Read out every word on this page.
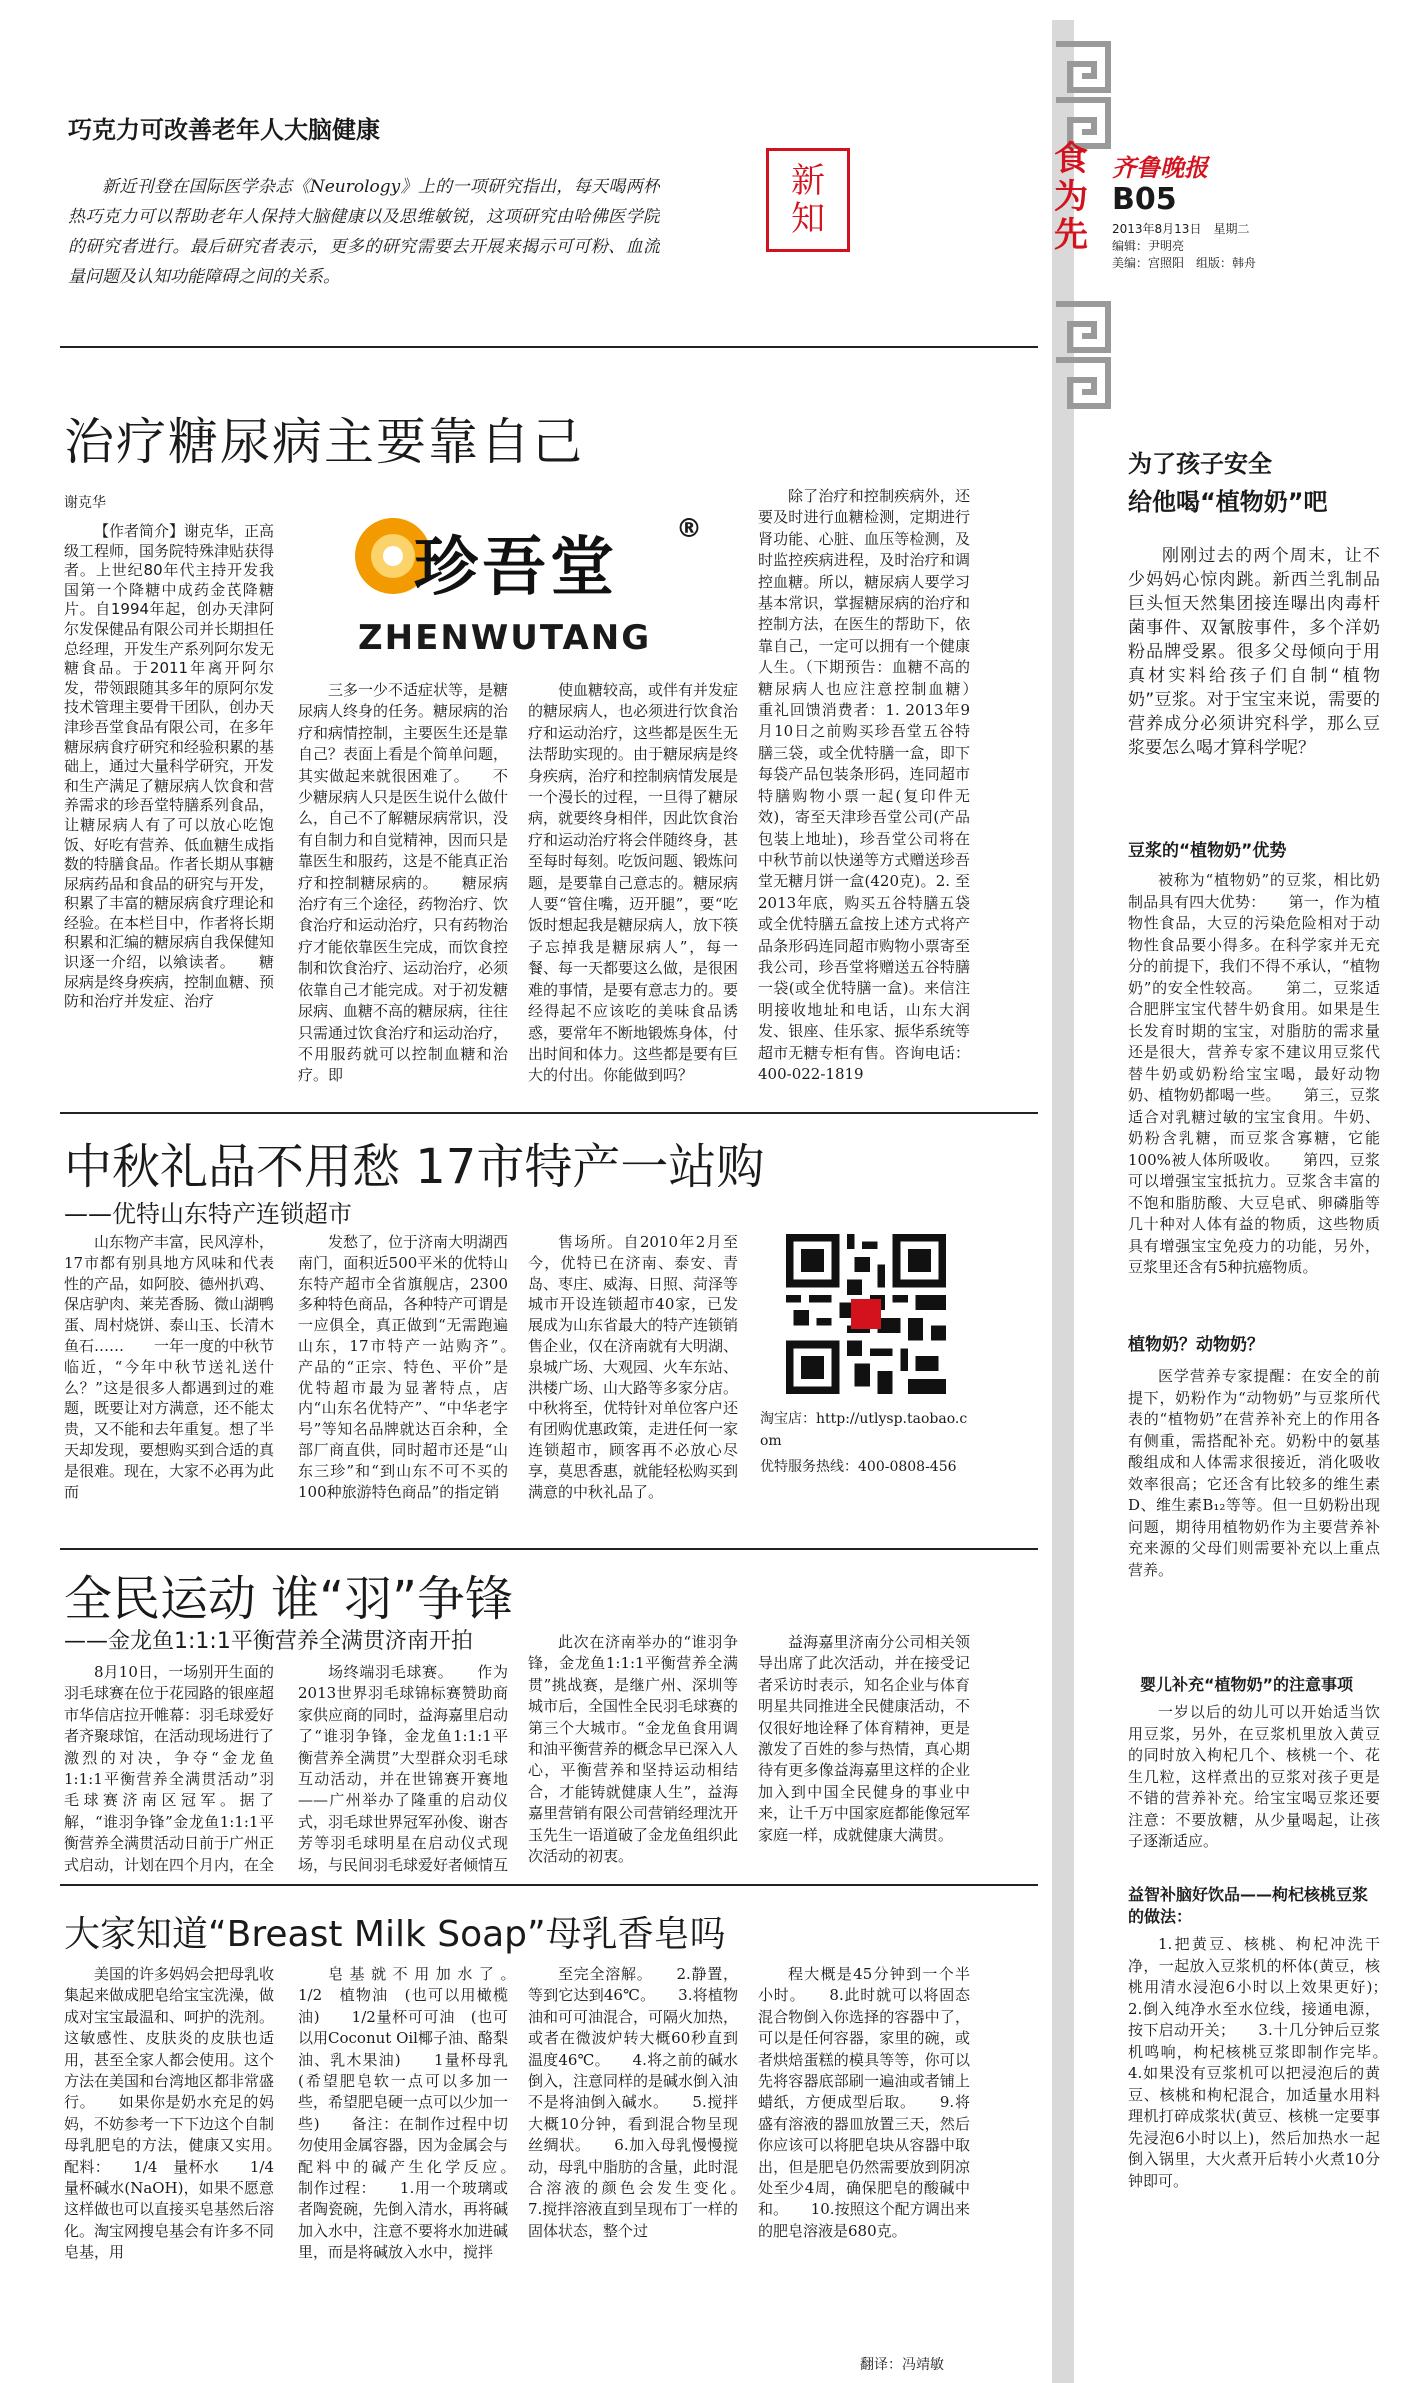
食为先
齐鲁晚报
B05
2013年8月13日　星期二
编辑：尹明亮
美编：宫照阳　组版：韩舟
巧克力可改善老年人大脑健康

新近刊登在国际医学杂志《Neurology》上的一项研究指出，每天喝两杯热巧克力可以帮助老年人保持大脑健康以及思维敏锐，这项研究由哈佛医学院的研究者进行。最后研究者表示，更多的研究需要去开展来揭示可可粉、血流量问题及认知功能障碍之间的关系。

新知
治疗糖尿病主要靠自己
谢克华

【作者简介】谢克华，正高级工程师，国务院特殊津贴获得者。上世纪80年代主持开发我国第一个降糖中成药金芪降糖片。自1994年起，创办天津阿尔发保健品有限公司并长期担任总经理，开发生产系列阿尔发无糖食品。于2011年离开阿尔发，带领跟随其多年的原阿尔发技术管理主要骨干团队，创办天津珍吾堂食品有限公司，在多年糖尿病食疗研究和经验积累的基础上，通过大量科学研究，开发和生产满足了糖尿病人饮食和营养需求的珍吾堂特膳系列食品，让糖尿病人有了可以放心吃饱饭、好吃有营养、低血糖生成指数的特膳食品。作者长期从事糖尿病药品和食品的研究与开发，积累了丰富的糖尿病食疗理论和经验。在本栏目中，作者将长期积累和汇编的糖尿病自我保健知识逐一介绍，以飨读者。　　糖尿病是终身疾病，控制血糖、预防和治疗并发症、治疗

珍吾堂
®
ZHENWUTANG

三多一少不适症状等，是糖尿病人终身的任务。糖尿病的治疗和病情控制，主要医生还是靠自己？表面上看是个简单问题，其实做起来就很困难了。　　不少糖尿病人只是医生说什么做什么，自己不了解糖尿病常识，没有自制力和自觉精神，因而只是靠医生和服药，这是不能真正治疗和控制糖尿病的。　　糖尿病治疗有三个途径，药物治疗、饮食治疗和运动治疗，只有药物治疗才能依靠医生完成，而饮食控制和饮食治疗、运动治疗，必须依靠自己才能完成。对于初发糖尿病、血糖不高的糖尿病，往往只需通过饮食治疗和运动治疗，不用服药就可以控制血糖和治疗。即

使血糖较高，或伴有并发症的糖尿病人，也必须进行饮食治疗和运动治疗，这些都是医生无法帮助实现的。由于糖尿病是终身疾病，治疗和控制病情发展是一个漫长的过程，一旦得了糖尿病，就要终身相伴，因此饮食治疗和运动治疗将会伴随终身，甚至每时每刻。吃饭问题、锻炼问题，是要靠自己意志的。糖尿病人要“管住嘴，迈开腿”，要“吃饭时想起我是糖尿病人，放下筷子忘掉我是糖尿病人”，每一餐、每一天都要这么做，是很困难的事情，是要有意志力的。要经得起不应该吃的美味食品诱惑，要常年不断地锻炼身体，付出时间和体力。这些都是要有巨大的付出。你能做到吗？

除了治疗和控制疾病外，还要及时进行血糖检测，定期进行肾功能、心脏、血压等检测，及时监控疾病进程，及时治疗和调控血糖。所以，糖尿病人要学习基本常识，掌握糖尿病的治疗和控制方法，在医生的帮助下，依靠自己，一定可以拥有一个健康人生。（下期预告：血糖不高的糖尿病人也应注意控制血糖）　　重礼回馈消费者：1. 2013年9月10日之前购买珍吾堂五谷特膳三袋，或全优特膳一盒，即下每袋产品包装条形码，连同超市特膳购物小票一起(复印件无效)，寄至天津珍吾堂公司(产品包装上地址)，珍吾堂公司将在中秋节前以快递等方式赠送珍吾堂无糖月饼一盒(420克)。2. 至2013年底，购买五谷特膳五袋或全优特膳五盒按上述方式将产品条形码连同超市购物小票寄至我公司，珍吾堂将赠送五谷特膳一袋(或全优特膳一盒)。来信注明接收地址和电话，山东大润发、银座、佳乐家、振华系统等超市无糖专柜有售。咨询电话：400-022-1819

中秋礼品不用愁 17市特产一站购
——优特山东特产连锁超市

山东物产丰富，民风淳朴，17市都有别具地方风味和代表性的产品，如阿胶、德州扒鸡、保店驴肉、莱芜香肠、微山湖鸭蛋、周村烧饼、泰山玉、长清木鱼石……　　一年一度的中秋节临近，“今年中秋节送礼送什么？”这是很多人都遇到过的难题，既要让对方满意，还不能太贵，又不能和去年重复。想了半天却发现，要想购买到合适的真是很难。现在，大家不必再为此而

发愁了，位于济南大明湖西南门，面积近500平米的优特山东特产超市全省旗舰店，2300多种特色商品，各种特产可谓是一应俱全，真正做到“无需跑遍山东，17市特产一站购齐”。　　产品的“正宗、特色、平价”是优特超市最为显著特点，店内“山东名优特产”、“中华老字号”等知名品牌就达百余种，全部厂商直供，同时超市还是“山东三珍”和“到山东不可不买的100种旅游特色商品”的指定销

售场所。自2010年2月至今，优特已在济南、泰安、青岛、枣庄、威海、日照、菏泽等城市开设连锁超市40家，已发展成为山东省最大的特产连锁销售企业，仅在济南就有大明湖、泉城广场、大观园、火车东站、洪楼广场、山大路等多家分店。中秋将至，优特针对单位客户还有团购优惠政策，走进任何一家连锁超市，顾客再不必放心尽享，莫思香惠，就能轻松购买到满意的中秋礼品了。

淘宝店：http://utlysp.taobao.com
优特服务热线：400-0808-456
全民运动 谁“羽”争锋
——金龙鱼1:1:1平衡营养全满贯济南开拍

8月10日，一场别开生面的羽毛球赛在位于花园路的银座超市华信店拉开帷幕：羽毛球爱好者齐聚球馆，在活动现场进行了激烈的对决，争夺“金龙鱼1:1:1平衡营养全满贯活动”羽毛球赛济南区冠军。据了解，“谁羽争锋”金龙鱼1:1:1平衡营养全满贯活动日前于广州正式启动，计划在四个月内，在全

场终端羽毛球赛。　　作为2013世界羽毛球锦标赛赞助商家供应商的同时，益海嘉里启动了“谁羽争锋，金龙鱼1:1:1平衡营养全满贯”大型群众羽毛球互动活动，并在世锦赛开赛地——广州举办了隆重的启动仪式，羽毛球世界冠军孙俊、谢杏芳等羽毛球明星在启动仪式现场，与民间羽毛球爱好者倾情互

此次在济南举办的“谁羽争锋，金龙鱼1:1:1平衡营养全满贯”挑战赛，是继广州、深圳等城市后，全国性全民羽毛球赛的第三个大城市。“金龙鱼食用调和油平衡营养的概念早已深入人心，平衡营养和坚持运动相结合，才能铸就健康人生”，益海嘉里营销有限公司营销经理沈开玉先生一语道破了金龙鱼组织此次活动的初衷。

益海嘉里济南分公司相关领导出席了此次活动，并在接受记者采访时表示，知名企业与体育明星共同推进全民健康活动，不仅很好地诠释了体育精神，更是激发了百姓的参与热情，真心期待有更多像益海嘉里这样的企业加入到中国全民健身的事业中来，让千万中国家庭都能像冠军家庭一样，成就健康大满贯。

大家知道“Breast Milk Soap”母乳香皂吗

美国的许多妈妈会把母乳收集起来做成肥皂给宝宝洗澡，做成对宝宝最温和、呵护的洗剂。这敏感性、皮肤炎的皮肤也适用，甚至全家人都会使用。这个方法在美国和台湾地区都非常盛行。　　如果你是奶水充足的妈妈，不妨参考一下下边这个自制母乳肥皂的方法，健康又实用。　　配料：　　1/4　量杯水　　1/4量杯碱水(NaOH)，如果不愿意这样做也可以直接买皂基然后溶化。淘宝网搜皂基会有许多不同皂基，用

皂基就不用加水了。　　1/2　植物油　(也可以用橄榄油)　　1/2量杯可可油　(也可以用Coconut Oil椰子油、酪梨油、乳木果油)　　1量杯母乳　(希望肥皂软一点可以多加一些，希望肥皂硬一点可以少加一些)　　备注：在制作过程中切勿使用金属容器，因为金属会与配料中的碱产生化学反应。　　制作过程：　　1.用一个玻璃或者陶瓷碗，先倒入清水，再将碱加入水中，注意不要将水加进碱里，而是将碱放入水中，搅拌

至完全溶解。　　2.静置，等到它达到46℃。　　3.将植物油和可可油混合，可隔火加热，或者在微波炉转大概60秒直到温度46℃。　　4.将之前的碱水倒入，注意同样的是碱水倒入油不是将油倒入碱水。　　5.搅拌大概10分钟，看到混合物呈现丝绸状。　　6.加入母乳慢慢搅动，母乳中脂肪的含量，此时混合溶液的颜色会发生变化。　　7.搅拌溶液直到呈现布丁一样的固体状态，整个过

程大概是45分钟到一个半小时。　　8.此时就可以将固态混合物倒入你选择的容器中了，可以是任何容器，家里的碗，或者烘焙蛋糕的模具等等，你可以先将容器底部刷一遍油或者铺上蜡纸，方便成型后取。　　9.将盛有溶液的器皿放置三天，然后你应该可以将肥皂块从容器中取出，但是肥皂仍然需要放到阴凉处至少4周，确保肥皂的酸碱中和。　　10.按照这个配方调出来的肥皂溶液是680克。

翻译：冯靖敏
为了孩子安全
给他喝“植物奶”吧

刚刚过去的两个周末，让不少妈妈心惊肉跳。新西兰乳制品巨头恒天然集团接连曝出肉毒杆菌事件、双氰胺事件，多个洋奶粉品牌受累。很多父母倾向于用真材实料给孩子们自制“植物奶”豆浆。对于宝宝来说，需要的营养成分必须讲究科学，那么豆浆要怎么喝才算科学呢？

豆浆的“植物奶”优势

被称为“植物奶”的豆浆，相比奶制品具有四大优势：　　第一，作为植物性食品，大豆的污染危险相对于动物性食品要小得多。在科学家并无充分的前提下，我们不得不承认，“植物奶”的安全性较高。　　第二，豆浆适合肥胖宝宝代替牛奶食用。如果是生长发育时期的宝宝，对脂肪的需求量还是很大，营养专家不建议用豆浆代替牛奶或奶粉给宝宝喝，最好动物奶、植物奶都喝一些。　　第三，豆浆适合对乳糖过敏的宝宝食用。牛奶、奶粉含乳糖，而豆浆含寡糖，它能100%被人体所吸收。　　第四，豆浆可以增强宝宝抵抗力。豆浆含丰富的不饱和脂肪酸、大豆皂甙、卵磷脂等几十种对人体有益的物质，这些物质具有增强宝宝免疫力的功能，另外，豆浆里还含有5种抗癌物质。

植物奶？动物奶？

医学营养专家提醒：在安全的前提下，奶粉作为“动物奶”与豆浆所代表的“植物奶”在营养补充上的作用各有侧重，需搭配补充。奶粉中的氨基酸组成和人体需求很接近，消化吸收效率很高；它还含有比较多的维生素D、维生素B₁₂等等。但一旦奶粉出现问题，期待用植物奶作为主要营养补充来源的父母们则需要补充以上重点营养。

婴儿补充“植物奶”的注意事项

一岁以后的幼儿可以开始适当饮用豆浆，另外，在豆浆机里放入黄豆的同时放入枸杞几个、核桃一个、花生几粒，这样煮出的豆浆对孩子更是不错的营养补充。给宝宝喝豆浆还要注意：不要放糖，从少量喝起，让孩子逐渐适应。

益智补脑好饮品——枸杞核桃豆浆的做法：

1.把黄豆、核桃、枸杞冲洗干净，一起放入豆浆机的杯体(黄豆，核桃用清水浸泡6小时以上效果更好)；　　2.倒入纯净水至水位线，接通电源，按下启动开关；　　3.十几分钟后豆浆机鸣响，枸杞核桃豆浆即制作完毕。　　4.如果没有豆浆机可以把浸泡后的黄豆、核桃和枸杞混合，加适量水用料理机打碎成浆状(黄豆、核桃一定要事先浸泡6小时以上)，然后加热水一起倒入锅里，大火煮开后转小火煮10分钟即可。
